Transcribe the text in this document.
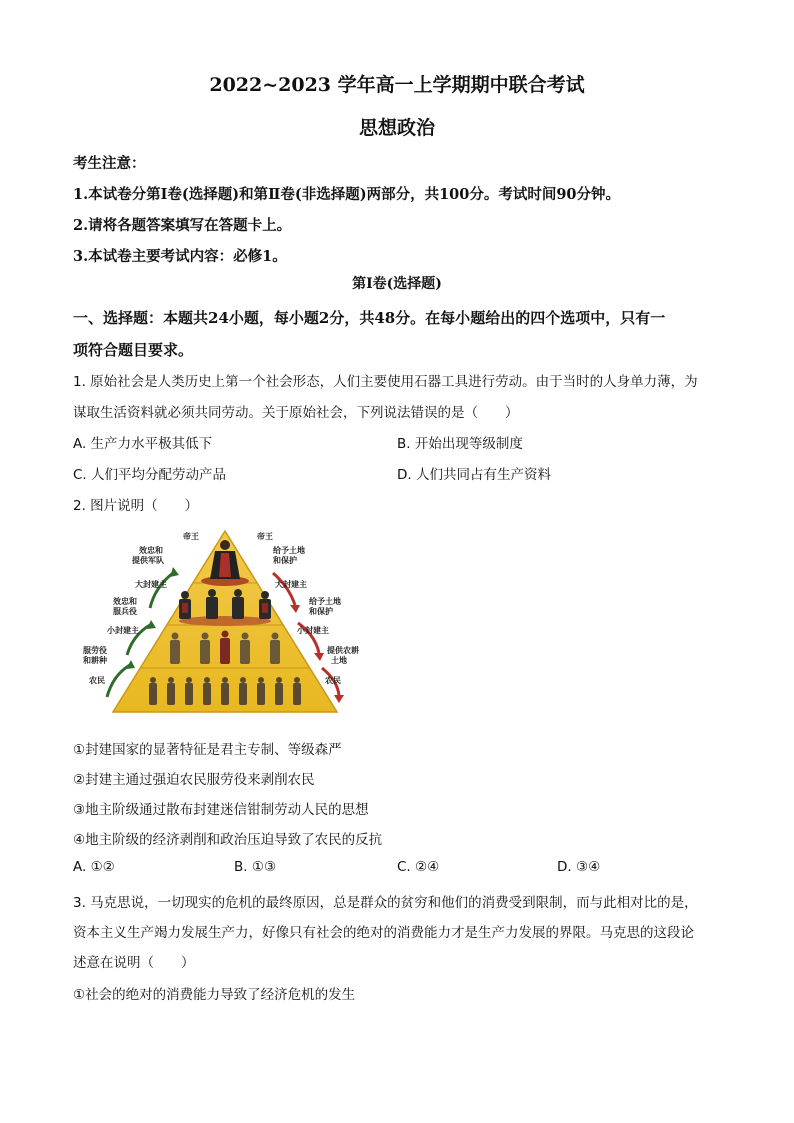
2022~2023 学年高一上学期期中联合考试
思想政治
考生注意：
1.本试卷分第Ⅰ卷(选择题)和第Ⅱ卷(非选择题)两部分，共100分。考试时间90分钟。
2.请将各题答案填写在答题卡上。
3.本试卷主要考试内容：必修1。
第Ⅰ卷(选择题)
一、选择题：本题共24小题，每小题2分，共48分。在每小题给出的四个选项中，只有一
项符合题目要求。
1. 原始社会是人类历史上第一个社会形态，人们主要使用石器工具进行劳动。由于当时的人身单力薄，为
谋取生活资料就必须共同劳动。关于原始社会，下列说法错误的是（　　）
A. 生产力水平极其低下	B. 开始出现等级制度
C. 人们平均分配劳动产品	D. 人们共同占有生产资料
2. 图片说明（　　）
帝王	帝王
效忠和
提供军队
大封建主
效忠和
服兵役
小封建主
服劳役
和耕种
农民
给予土地
和保护
大封建主
给予土地
和保护
小封建主
提供农耕
土地
农民
①封建国家的显著特征是君主专制、等级森严
②封建主通过强迫农民服劳役来剥削农民
③地主阶级通过散布封建迷信钳制劳动人民的思想
④地主阶级的经济剥削和政治压迫导致了农民的反抗
A. ①②	B. ①③	C. ②④	D. ③④
3. 马克思说，一切现实的危机的最终原因，总是群众的贫穷和他们的消费受到限制，而与此相对比的是，
资本主义生产竭力发展生产力，好像只有社会的绝对的消费能力才是生产力发展的界限。马克思的这段论
述意在说明（　　）
①社会的绝对的消费能力导致了经济危机的发生
